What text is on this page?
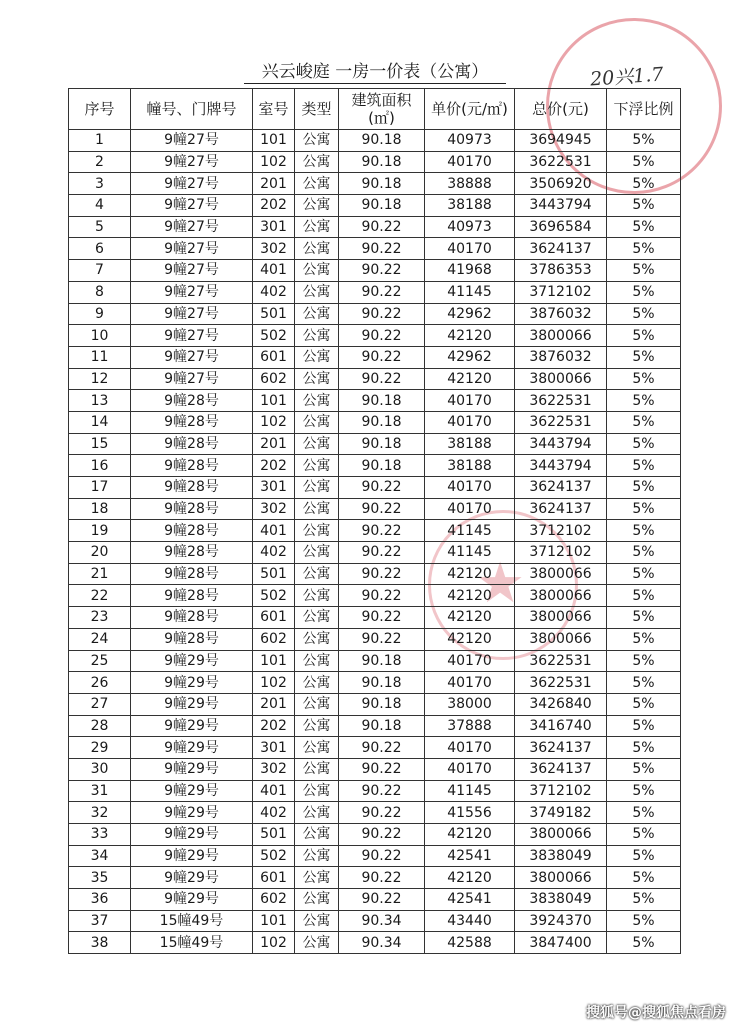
★
兴云峻庭 一房一价表（公寓）	20兴1.7
序号	幢号、门牌号	室号	类型	建筑面积(㎡)	单价(元/㎡)	总价(元)	下浮比例
1	9幢27号	101	公寓	90.18	40973	3694945	5%
2	9幢27号	102	公寓	90.18	40170	3622531	5%
3	9幢27号	201	公寓	90.18	38888	3506920	5%
4	9幢27号	202	公寓	90.18	38188	3443794	5%
5	9幢27号	301	公寓	90.22	40973	3696584	5%
6	9幢27号	302	公寓	90.22	40170	3624137	5%
7	9幢27号	401	公寓	90.22	41968	3786353	5%
8	9幢27号	402	公寓	90.22	41145	3712102	5%
9	9幢27号	501	公寓	90.22	42962	3876032	5%
10	9幢27号	502	公寓	90.22	42120	3800066	5%
11	9幢27号	601	公寓	90.22	42962	3876032	5%
12	9幢27号	602	公寓	90.22	42120	3800066	5%
13	9幢28号	101	公寓	90.18	40170	3622531	5%
14	9幢28号	102	公寓	90.18	40170	3622531	5%
15	9幢28号	201	公寓	90.18	38188	3443794	5%
16	9幢28号	202	公寓	90.18	38188	3443794	5%
17	9幢28号	301	公寓	90.22	40170	3624137	5%
18	9幢28号	302	公寓	90.22	40170	3624137	5%
19	9幢28号	401	公寓	90.22	41145	3712102	5%
20	9幢28号	402	公寓	90.22	41145	3712102	5%
21	9幢28号	501	公寓	90.22	42120	3800066	5%
22	9幢28号	502	公寓	90.22	42120	3800066	5%
23	9幢28号	601	公寓	90.22	42120	3800066	5%
24	9幢28号	602	公寓	90.22	42120	3800066	5%
25	9幢29号	101	公寓	90.18	40170	3622531	5%
26	9幢29号	102	公寓	90.18	40170	3622531	5%
27	9幢29号	201	公寓	90.18	38000	3426840	5%
28	9幢29号	202	公寓	90.18	37888	3416740	5%
29	9幢29号	301	公寓	90.22	40170	3624137	5%
30	9幢29号	302	公寓	90.22	40170	3624137	5%
31	9幢29号	401	公寓	90.22	41145	3712102	5%
32	9幢29号	402	公寓	90.22	41556	3749182	5%
33	9幢29号	501	公寓	90.22	42120	3800066	5%
34	9幢29号	502	公寓	90.22	42541	3838049	5%
35	9幢29号	601	公寓	90.22	42120	3800066	5%
36	9幢29号	602	公寓	90.22	42541	3838049	5%
37	15幢49号	101	公寓	90.34	43440	3924370	5%
38	15幢49号	102	公寓	90.34	42588	3847400	5%
搜狐号@搜狐焦点看房
